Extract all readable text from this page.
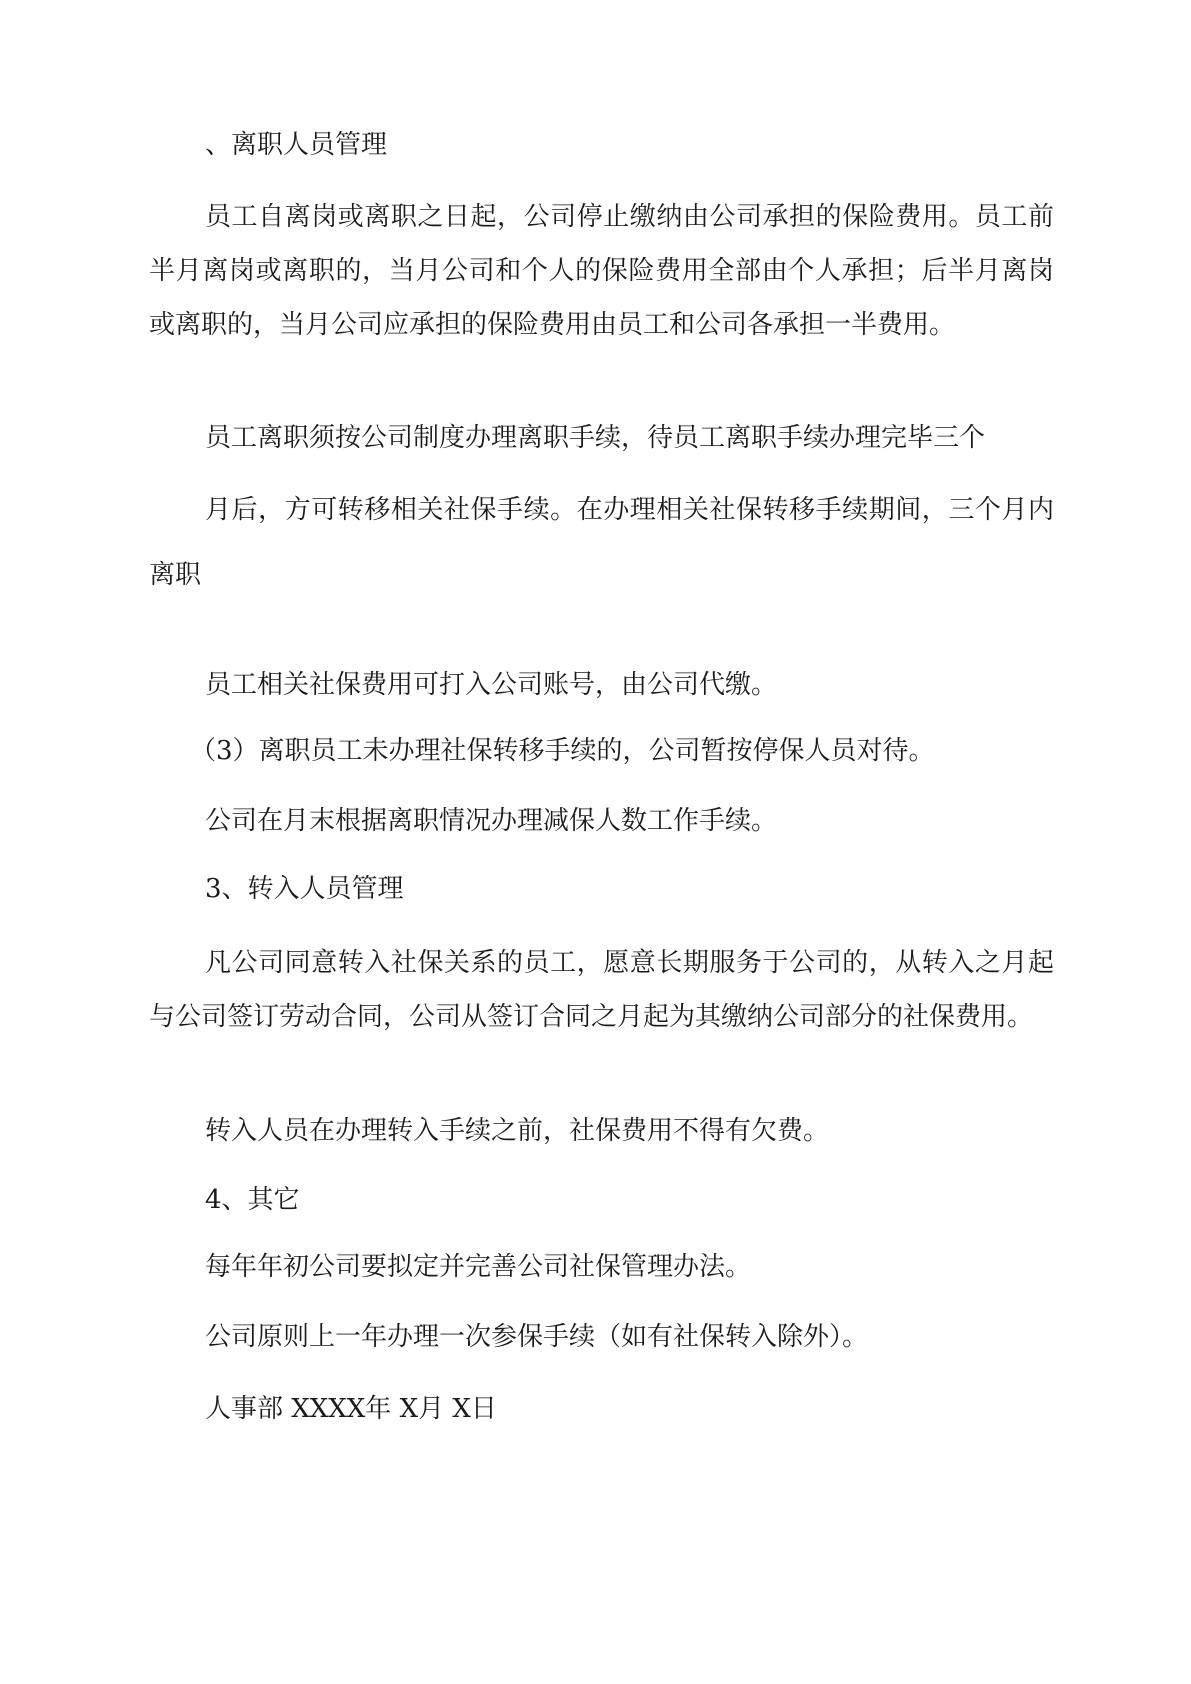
、离职人员管理

员工自离岗或离职之日起，公司停止缴纳由公司承担的保险费用。员工前半月离岗或离职的，当月公司和个人的保险费用全部由个人承担；后半月离岗或离职的，当月公司应承担的保险费用由员工和公司各承担一半费用。

员工离职须按公司制度办理离职手续，待员工离职手续办理完毕三个

月后，方可转移相关社保手续。在办理相关社保转移手续期间，三个月内离职

员工相关社保费用可打入公司账号，由公司代缴。

（3）离职员工未办理社保转移手续的，公司暂按停保人员对待。

公司在月末根据离职情况办理减保人数工作手续。

3、转入人员管理

凡公司同意转入社保关系的员工，愿意长期服务于公司的，从转入之月起与公司签订劳动合同，公司从签订合同之月起为其缴纳公司部分的社保费用。

转入人员在办理转入手续之前，社保费用不得有欠费。

4、其它

每年年初公司要拟定并完善公司社保管理办法。

公司原则上一年办理一次参保手续（如有社保转入除外）。

人事部 XXXX年 X月 X日
